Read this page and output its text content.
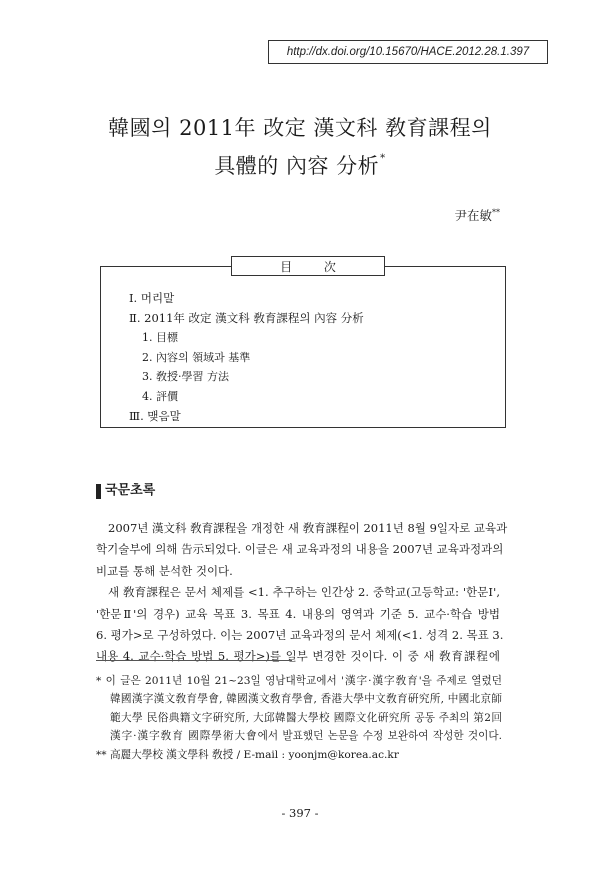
http://dx.doi.org/10.15670/HACE.2012.28.1.397
韓國의 2011年 改定 漢文科 敎育課程의
具體的 內容 分析*
尹在敏**
目 次
Ⅰ. 머리말
Ⅱ. 2011年 改定 漢文科 敎育課程의 內容 分析
1. 目標
2. 內容의 領域과 基準
3. 敎授·學習 方法
4. 評價
Ⅲ. 맺음말
국문초록
2007년 漢文科 敎育課程을 개정한 새 敎育課程이 2011년 8월 9일자로 교육과
학기술부에 의해 告示되었다. 이글은 새 교육과정의 내용을 2007년 교육과정과의
비교를 통해 분석한 것이다.
새 敎育課程은 문서 체제를 <1. 추구하는 인간상 2. 중학교(고등학교: '한문Ⅰ',
'한문Ⅱ'의 경우) 교육 목표 3. 목표 4. 내용의 영역과 기준 5. 교수·학습 방법
6. 평가>로 구성하였다. 이는 2007년 교육과정의 문서 체제(<1. 성격 2. 목표 3.
내용 4. 교수·학습 방법 5. 평가>)를 일부 변경한 것이다. 이 중 새 敎育課程에
* 이 글은 2011년 10월 21~23일 영남대학교에서 '漢字·漢字敎育'을 주제로 열렸던
韓國漢字漢文敎育學會, 韓國漢文敎育學會, 香港大學中文敎育硏究所, 中國北京師
範大學 民俗典籍文字硏究所, 大邱韓醫大學校 國際文化硏究所 공동 주최의 第2回
漢字·漢字敎育 國際學術大會에서 발표했던 논문을 수정 보완하여 작성한 것이다.
** 高麗大學校 漢文學科 敎授 / E-mail : yoonjm@korea.ac.kr
- 397 -
